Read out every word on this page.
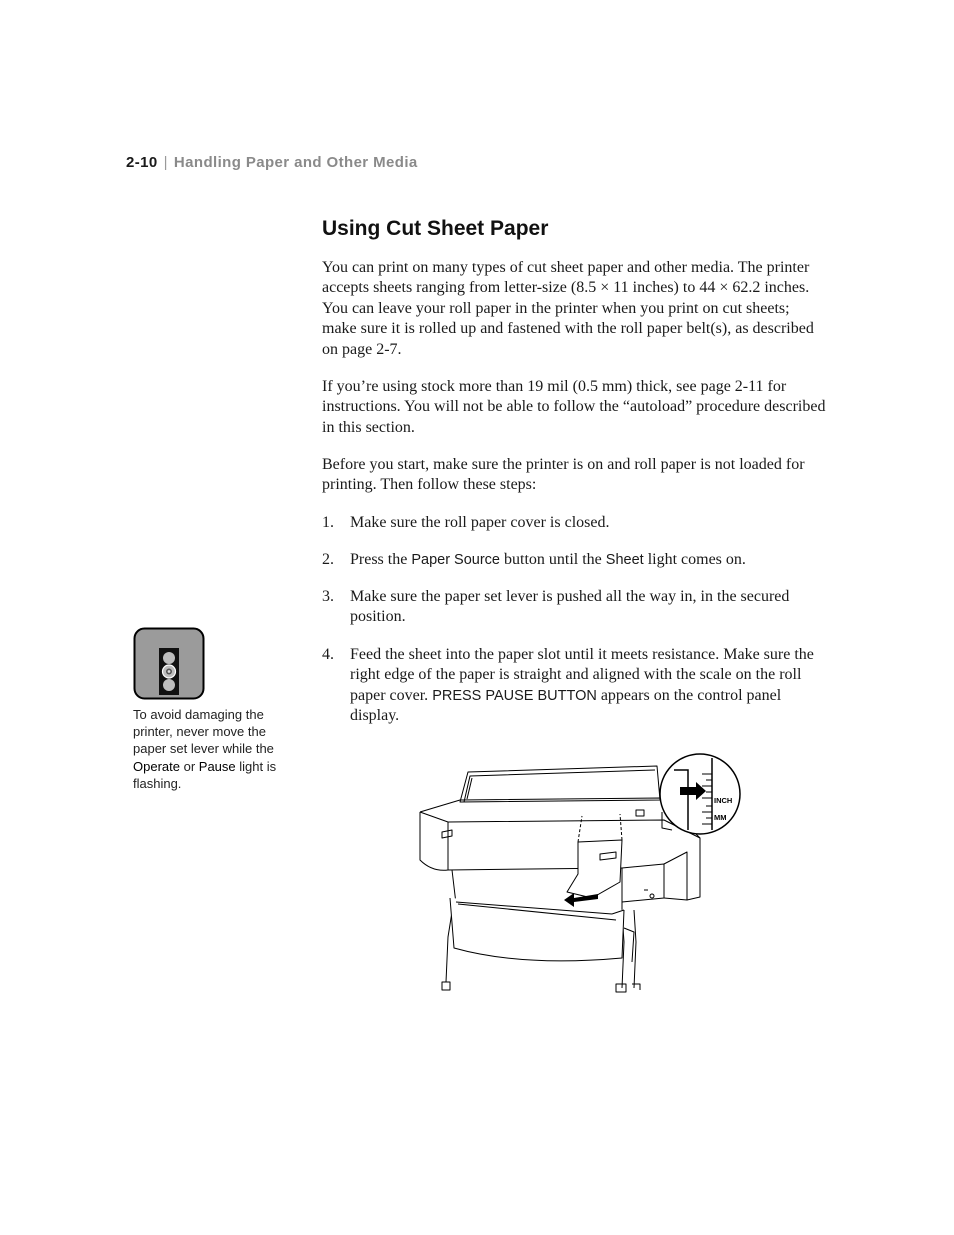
2-10 | Handling Paper and Other Media
Using Cut Sheet Paper

You can print on many types of cut sheet paper and other media. The printer accepts sheets ranging from letter-size (8.5 × 11 inches) to 44 × 62.2 inches. You can leave your roll paper in the printer when you print on cut sheets; make sure it is rolled up and fastened with the roll paper belt(s), as described on page 2-7.

If you’re using stock more than 19 mil (0.5 mm) thick, see page 2-11 for instructions. You will not be able to follow the “autoload” procedure described in this section.

Before you start, make sure the printer is on and roll paper is not loaded for printing. Then follow these steps:

1. Make sure the roll paper cover is closed.
2. Press the Paper Source button until the Sheet light comes on.
3. Make sure the paper set lever is pushed all the way in, in the secured position.
4. Feed the sheet into the paper slot until it meets resistance. Make sure the right edge of the paper is straight and aligned with the scale on the roll paper cover. PRESS PAUSE BUTTON appears on the control panel display.
To avoid damaging the printer, never move the paper set lever while the Operate or Pause light is flashing.
INCH
MM
